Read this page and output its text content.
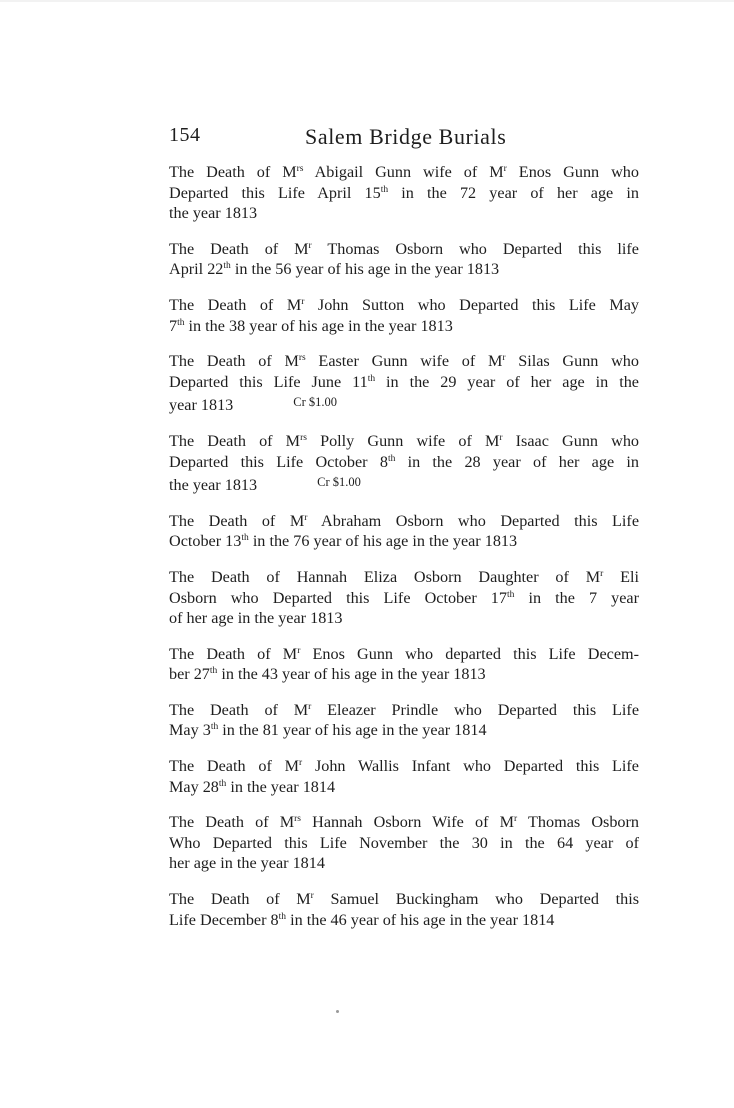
154	Salem Bridge Burials
The Death of $M^{rs}$ Abigail Gunn wife of $M^r$ Enos Gunn who
Departed this Life April 15th in the 72 year of her age in
the year 1813
The Death of $M^r$ Thomas Osborn who Departed this life
April 22th in the 56 year of his age in the year 1813
The Death of $M^r$ John Sutton who Departed this Life May
7th in the 38 year of his age in the year 1813
The Death of $M^{rs}$ Easter Gunn wife of $M^r$ Silas Gunn who
Departed this Life June 11th in the 29 year of her age in the
year 1813	Cr $1.00
The Death of $M^{rs}$ Polly Gunn wife of $M^r$ Isaac Gunn who
Departed this Life October 8th in the 28 year of her age in
the year 1813	Cr $1.00
The Death of $M^r$ Abraham Osborn who Departed this Life
October 13th in the 76 year of his age in the year 1813
The Death of Hannah Eliza Osborn Daughter of $M^r$ Eli
Osborn who Departed this Life October 17th in the 7 year
of her age in the year 1813
The Death of $M^r$ Enos Gunn who departed this Life Decem-
ber 27th in the 43 year of his age in the year 1813
The Death of $M^r$ Eleazer Prindle who Departed this Life
May 3th in the 81 year of his age in the year 1814
The Death of $M^r$ John Wallis Infant who Departed this Life
May 28th in the year 1814
The Death of $M^{rs}$ Hannah Osborn Wife of $M^r$ Thomas Osborn
Who Departed this Life November the 30 in the 64 year of
her age in the year 1814
The Death of $M^r$ Samuel Buckingham who Departed this
Life December 8th in the 46 year of his age in the year 1814
